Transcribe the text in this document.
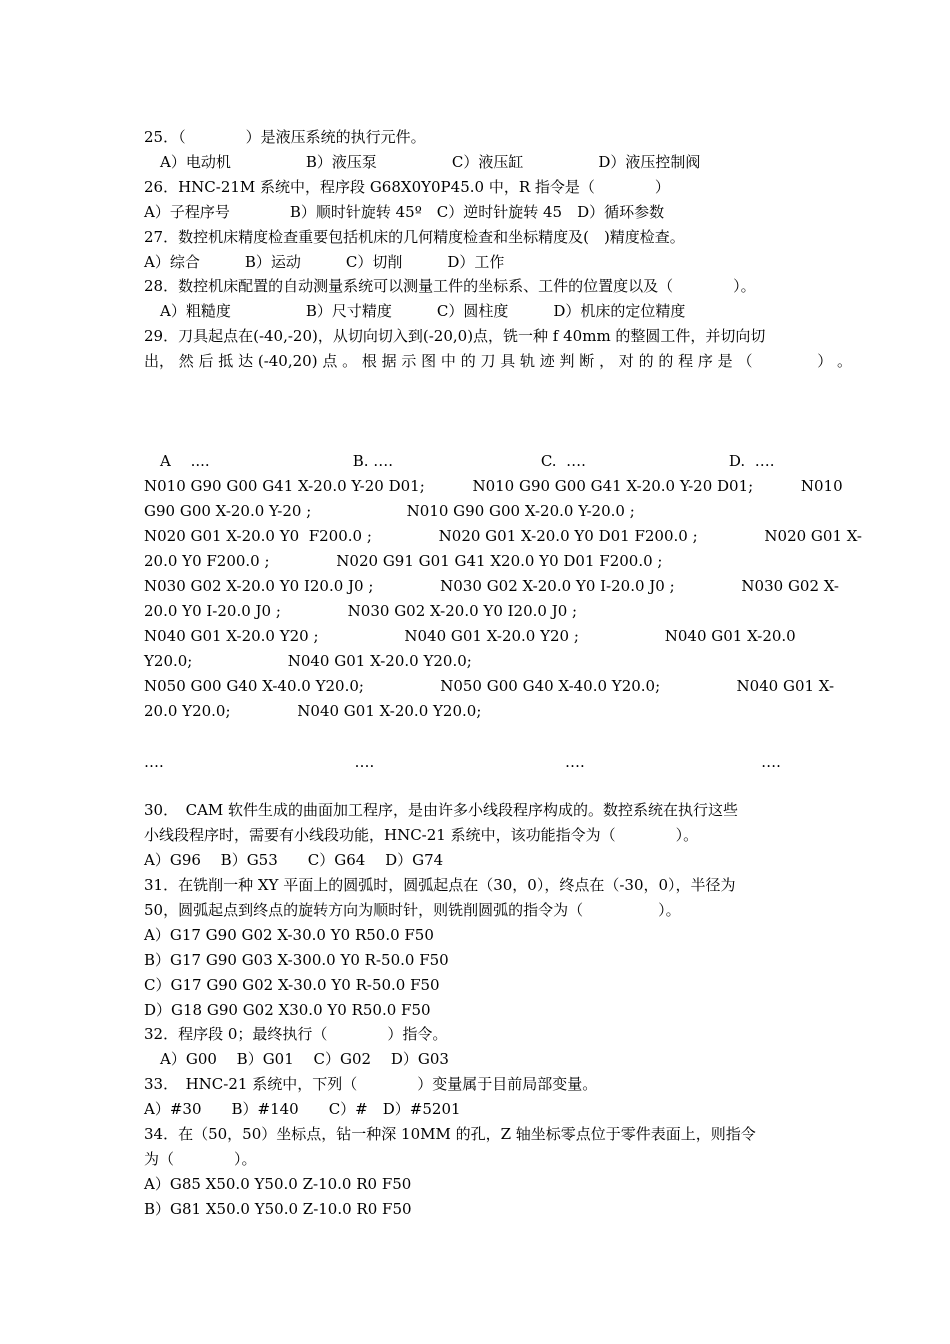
25．（　　　　）是液压系统的执行元件。
A）电动机　　　　　B）液压泵　　　　　C）液压缸　　　　　D）液压控制阀
26．HNC-21M 系统中，程序段 G68X0Y0P45.0 中，R 指令是（　　　　）
A）子程序号　　　　B）顺时针旋转 45º　C）逆时针旋转 45　D）循环参数
27．数控机床精度检查重要包括机床的几何精度检查和坐标精度及(　)精度检查。
A）综合　　　B）运动　　　C）切削　　　D）工作
28．数控机床配置的自动测量系统可以测量工件的坐标系、工件的位置度以及（　　　　）。
A）粗糙度　　　　　B）尺寸精度　　　C）圆柱度　　　D）机床的定位精度
29．刀具起点在(-40,-20)，从切向切入到(-20,0)点，铣一种 f 40mm 的整圆工件，并切向切
出， 然 后 抵 达 (-40,20) 点 。 根 据 示 图 中 的 刀 具 轨 迹 判 断 ， 对 的 的 程 序 是 （　　　　 ） 。
A　 ....                              B. ….                               C.  ….                              D.  ….
N010 G90 G00 G41 X-20.0 Y-20 D01;          N010 G90 G00 G41 X-20.0 Y-20 D01;          N010
G90 G00 X-20.0 Y-20 ;                    N010 G90 G00 X-20.0 Y-20.0 ;
N020 G01 X-20.0 Y0  F200.0 ;              N020 G01 X-20.0 Y0 D01 F200.0 ;              N020 G01 X-
20.0 Y0 F200.0 ;              N020 G91 G01 G41 X20.0 Y0 D01 F200.0 ;
N030 G02 X-20.0 Y0 I20.0 J0 ;              N030 G02 X-20.0 Y0 I-20.0 J0 ;              N030 G02 X-
20.0 Y0 I-20.0 J0 ;              N030 G02 X-20.0 Y0 I20.0 J0 ;
N040 G01 X-20.0 Y20 ;                  N040 G01 X-20.0 Y20 ;                  N040 G01 X-20.0
Y20.0;                    N040 G01 X-20.0 Y20.0;
N050 G00 G40 X-40.0 Y20.0;                N050 G00 G40 X-40.0 Y20.0;                N040 G01 X-
20.0 Y20.0;              N040 G01 X-20.0 Y20.0;
….                                        ….                                        ….                                     ….
30．　CAM 软件生成的曲面加工程序，是由许多小线段程序构成的。数控系统在执行这些
小线段程序时，需要有小线段功能，HNC-21 系统中，该功能指令为（　　　　）。
A）G96　 B）G53　　C）G64　 D）G74
31．在铣削一种 XY 平面上的圆弧时，圆弧起点在（30，0），终点在（-30，0），半径为
50，圆弧起点到终点的旋转方向为顺时针，则铣削圆弧的指令为（　　　　　）。
A）G17 G90 G02 X-30.0 Y0 R50.0 F50
B）G17 G90 G03 X-300.0 Y0 R-50.0 F50
C）G17 G90 G02 X-30.0 Y0 R-50.0 F50
D）G18 G90 G02 X30.0 Y0 R50.0 F50
32．程序段 0；最终执行（　　　　）指令。
A）G00　 B）G01　 C）G02　 D）G03
33．　HNC-21 系统中，下列（　　　　）变量属于目前局部变量。
A）#30　　B）#140　　C）#　D）#5201
34．在（50，50）坐标点，钻一种深 10MM 的孔，Z 轴坐标零点位于零件表面上，则指令
为（　　　　）。
A）G85 X50.0 Y50.0 Z-10.0 R0 F50
B）G81 X50.0 Y50.0 Z-10.0 R0 F50
